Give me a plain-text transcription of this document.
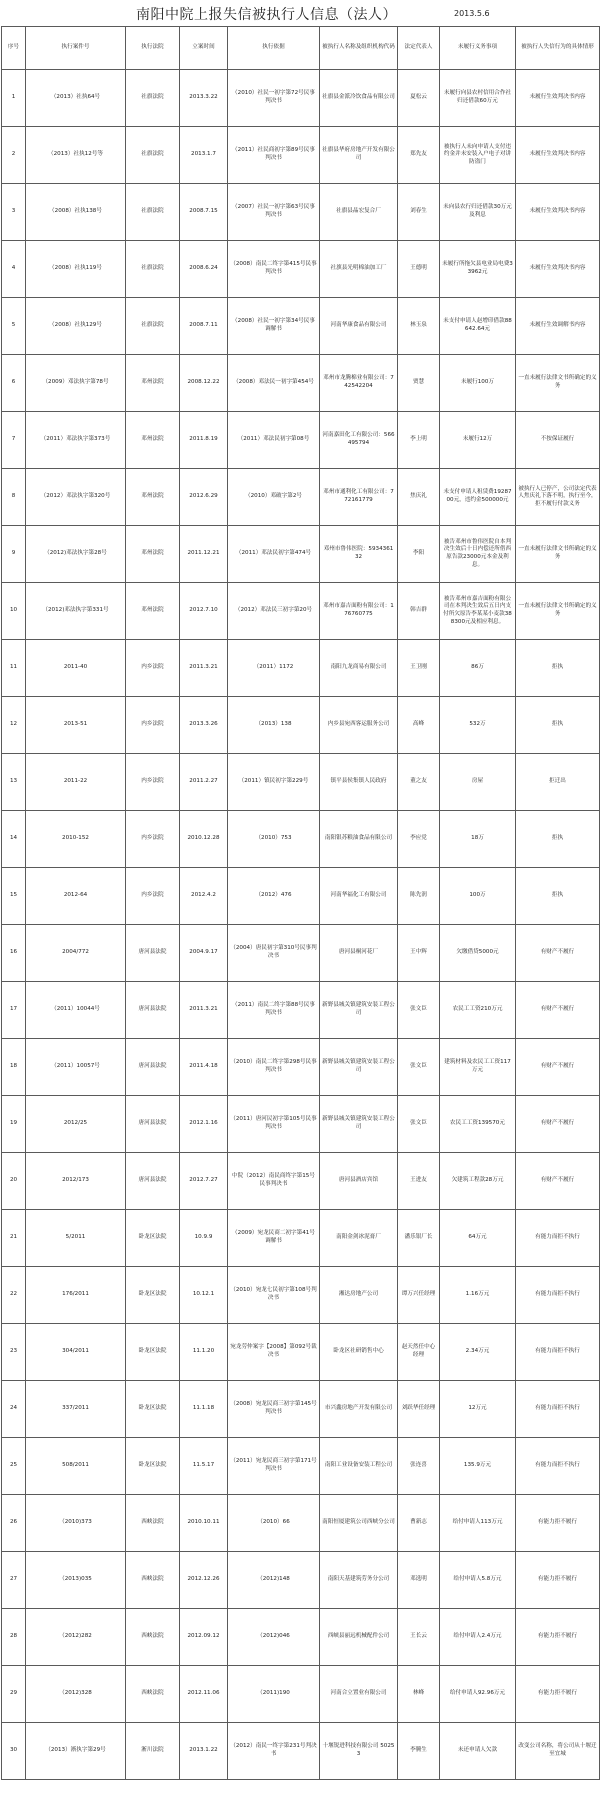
南阳中院上报失信被执行人信息（法人）	2013.5.6
序号	执行案件号	执行法院	立案时间	执行依据	被执行人名称及组织机构代码	法定代表人	未履行义务事项	被执行人失信行为的具体情形
1	（2013）社执64号	社旗法院	2013.3.22	（2010）社民一初字第72号民事判决书	社旗县金派冷饮食品有限公司	夏松云	未履行向县农村信用合作社归还借款60万元	未履行生效判决书内容
2	（2013）社执12号等	社旗法院	2013.1.7	（2011）社民商初字第89号民事判决书	社旗县华府房地产开发有限公司	郑先友	被执行人未向申请人支付违约金并未安装入户电子对讲防盗门	未履行生效判决书内容
3	（2008）社执138号	社旗法院	2008.7.15	（2007）社民一初字第63号民事判决书	社旗县晶宏复合厂	刘春生	未向县农行归还借款30万元及利息	未履行生效判决书内容
4	（2008）社执119号	社旗法院	2008.6.24	（2008）南民二终字第415号民事判决书	社旗县光明棉油加工厂	王德明	未履行所拖欠县电业局电费33962元	未履行生效判决书内容
5	（2008）社执129号	社旗法院	2008.7.11	（2008）社民一初字第34号民事调解书	河南华康食品有限公司	林玉泉	未支付申请人赵增印借款88642.64元	未履行生效调解书内容
6	（2009）邓法执字第78号	邓州法院	2008.12.22	（2008）邓法民一初字第454号	邓州市龙腾棉业有限公司：742542204	贾慧	未履行100万	一直未履行法律文书所确定的义务
7	（2011）邓法执字第373号	邓州法院	2011.8.19	（2011）邓法民初字第08号	河南嘉田化工有限公司：566495794	李上明	未履行12万	不按保证履行
8	（2012）邓法执字第320号	邓州法院	2012.6.29	（2010）邓破字第2号	邓州市通利化工有限公司：772161779	焦庆礼	未支付申请人租赁费1928700元，违约金500000元	被执行人已停产，公司法定代表人焦庆礼下落不明，执行至今，拒不履行付款义务
9	（2012)邓法执字第28号	邓州法院	2011.12.21	（2011）邓法民初字第474号	邓州市鲁伟医院：593436132	李阳	被告邓州市鲁伟医院自本判决生效后十日内偿还所借西原告款23000元本金及利息。	一直未履行法律文书所确定的义务
10	（2012)邓法执字第331号	邓州法院	2012.7.10	（2012）邓法民三初字第20号	邓州市嘉吉面粉有限公司：176760775	韩吉群	被告邓州市嘉吉面粉有限公司在本判决生效后五日内支付所欠原告李某某小麦款388300元及相应利息。	一直未履行法律文书所确定的义务
11	2011-40	内乡法院	2011.3.21	（2011）1172	南阳九龙商易有限公司	王卫刚	86万	拒执
12	2013-51	内乡法院	2013.3.26	（2013）138	内乡县宛西客运服务公司	高峰	532万	拒执
13	2011-22	内乡法院	2011.2.27	（2011）镇民初字第229号	镇平县侯集镇人民政府	董之友	房屋	拒迁出
14	2010-152	内乡法院	2010.12.28	（2010）753	南阳银苏粮油食品有限公司	李应党	18万	拒执
15	2012-64	内乡法院	2012.4.2	（2012）476	河南华福化工有限公司	陈先润	100万	拒执
16	2004/772	唐河县法院	2004.9.17	（2004）唐民初字第310号民事判决书	唐河县桐河花厂	王中辉	欠缴借贷5000元	有财产不履行
17	（2011）10044号	唐河县法院	2011.3.21	（2011）南民二终字第88号民事判决书	新野县城关镇建筑安装工程公司	张文臣	农民工工资210万元	有财产不履行
18	（2011）10057号	唐河县法院	2011.4.18	（2010）南民二终字第298号民事判决书	新野县城关镇建筑安装工程公司	张文臣	建筑材料及农民工工资117万元	有财产不履行
19	2012/25	唐河县法院	2012.1.16	（2011）唐河民初字第105号民事判决书	新野县城关镇建筑安装工程公司	张文臣	农民工工资139570元	有财产不履行
20	2012/173	唐河县法院	2012.7.27	中院（2012）南民商终字第15号民事判决书	唐河县酒店宾馆	王进友	欠建筑工程款28万元	有财产不履行
21	5/2011	卧龙区法院	10.9.9	（2009）宛龙民商二初字第41号调解书	南阳金剑冰泥膏厂	潘乐银厂长	64万元	有能力而拒不执行
22	176/2011	卧龙区法院	10.12.1	（2010）宛龙七民初字第108号判决书	湘达房地产公司	谭万兴任经理	1.16万元	有能力而拒不执行
23	304/2011	卧龙区法院	11.1.20	宛龙劳仲案字【2008】第092号裁决书	卧龙区社研销售中心	赵天然任中心经理	2.34万元	有能力而拒不执行
24	337/2011	卧龙区法院	11.1.18	（2008）宛龙民商三初字第145号判决书	市兴鑫房地产开发有限公司	刘跃华任经理	12万元	有能力而拒不执行
25	508/2011	卧龙区法院	11.5.17	（2011）宛龙民商三初字第171号判决书	南阳工业设备安装工程公司	张连喜	135.9万元	有能力而拒不执行
26	（2010)373	西峡法院	2010.10.11	（2010）66	南阳恒厦建筑公司西峡分公司	曹新志	给付申请人113万元	有能力拒不履行
27	（2013)035	西峡法院	2012.12.26	（2012)148	南阳天基建筑劳务分公司	邓选明	给付申请人5.8万元	有能力拒不履行
28	（2012)282	西峡法院	2012.09.12	（2012)046	西峡县丽远机械配件公司	王长云	给付申请人2.4万元	有能力拒不履行
29	（2012)328	西峡法院	2012.11.06	（2011)190	河南合立置业有限公司	林峰	给付申请人92.96万元	有能力拒不履行
30	（2013）淅执字第29号	淅川法院	2013.1.22	（2012）南民一终字第231号判决书	十堰锐进科技有限公司 50253	李腾生	未还申请人欠款	改变公司名称，将公司从十堰迁至宜城
